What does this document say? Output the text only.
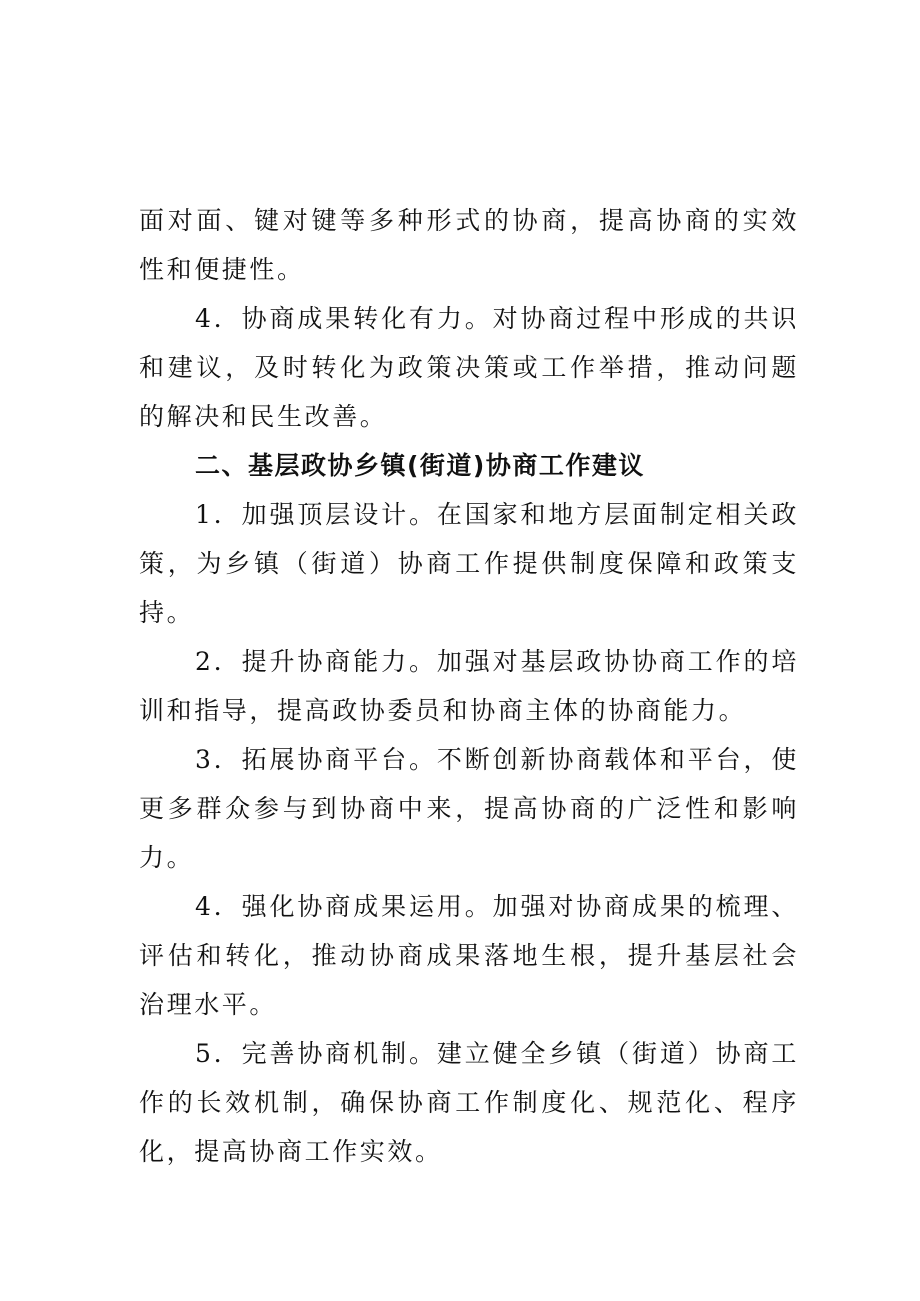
面对面、键对键等多种形式的协商，提高协商的实效性和便捷性。

4．协商成果转化有力。对协商过程中形成的共识和建议，及时转化为政策决策或工作举措，推动问题的解决和民生改善。

二、基层政协乡镇(街道)协商工作建议

1．加强顶层设计。在国家和地方层面制定相关政策，为乡镇（街道）协商工作提供制度保障和政策支持。

2．提升协商能力。加强对基层政协协商工作的培训和指导，提高政协委员和协商主体的协商能力。

3．拓展协商平台。不断创新协商载体和平台，使更多群众参与到协商中来，提高协商的广泛性和影响力。

4．强化协商成果运用。加强对协商成果的梳理、评估和转化，推动协商成果落地生根，提升基层社会治理水平。

5．完善协商机制。建立健全乡镇（街道）协商工作的长效机制，确保协商工作制度化、规范化、程序化，提高协商工作实效。
